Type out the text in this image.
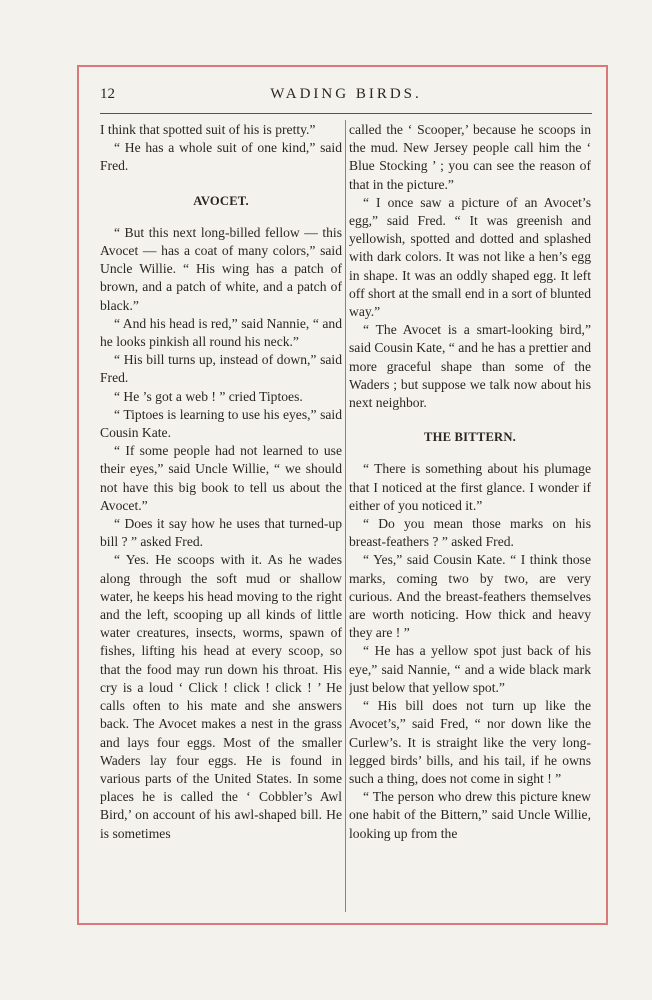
12	WADING BIRDS.

I think that spotted suit of his is pretty.”

“ He has a whole suit of one kind,” said Fred.

AVOCET.

“ But this next long-billed fellow — this Avocet — has a coat of many colors,” said Uncle Willie. “ His wing has a patch of brown, and a patch of white, and a patch of black.”

“ And his head is red,” said Nannie, “ and he looks pinkish all round his neck.”

“ His bill turns up, instead of down,” said Fred.

“ He ’s got a web ! ” cried Tiptoes.

“ Tiptoes is learning to use his eyes,” said Cousin Kate.

“ If some people had not learned to use their eyes,” said Uncle Willie, “ we should not have this big book to tell us about the Avocet.”

“ Does it say how he uses that turned-up bill ? ” asked Fred.

“ Yes. He scoops with it. As he wades along through the soft mud or shallow water, he keeps his head moving to the right and the left, scooping up all kinds of little water creatures, insects, worms, spawn of fishes, lifting his head at every scoop, so that the food may run down his throat. His cry is a loud ‘ Click ! click ! click ! ’ He calls often to his mate and she answers back. The Avocet makes a nest in the grass and lays four eggs. Most of the smaller Waders lay four eggs. He is found in various parts of the United States. In some places he is called the ‘ Cobbler’s Awl Bird,’ on account of his awl-shaped bill. He is sometimes

called the ‘ Scooper,’ because he scoops in the mud. New Jersey people call him the ‘ Blue Stocking ’ ; you can see the reason of that in the picture.”

“ I once saw a picture of an Avocet’s egg,” said Fred. “ It was greenish and yellowish, spotted and dotted and splashed with dark colors. It was not like a hen’s egg in shape. It was an oddly shaped egg. It left off short at the small end in a sort of blunted way.”

“ The Avocet is a smart-looking bird,” said Cousin Kate, “ and he has a prettier and more graceful shape than some of the Waders ; but suppose we talk now about his next neighbor.

THE BITTERN.

“ There is something about his plumage that I noticed at the first glance. I wonder if either of you noticed it.”

“ Do you mean those marks on his breast-feathers ? ” asked Fred.

“ Yes,” said Cousin Kate. “ I think those marks, coming two by two, are very curious. And the breast-feathers themselves are worth noticing. How thick and heavy they are ! ”

“ He has a yellow spot just back of his eye,” said Nannie, “ and a wide black mark just below that yellow spot.”

“ His bill does not turn up like the Avocet’s,” said Fred, “ nor down like the Curlew’s. It is straight like the very long-legged birds’ bills, and his tail, if he owns such a thing, does not come in sight ! ”

“ The person who drew this picture knew one habit of the Bittern,” said Uncle Willie, looking up from the
